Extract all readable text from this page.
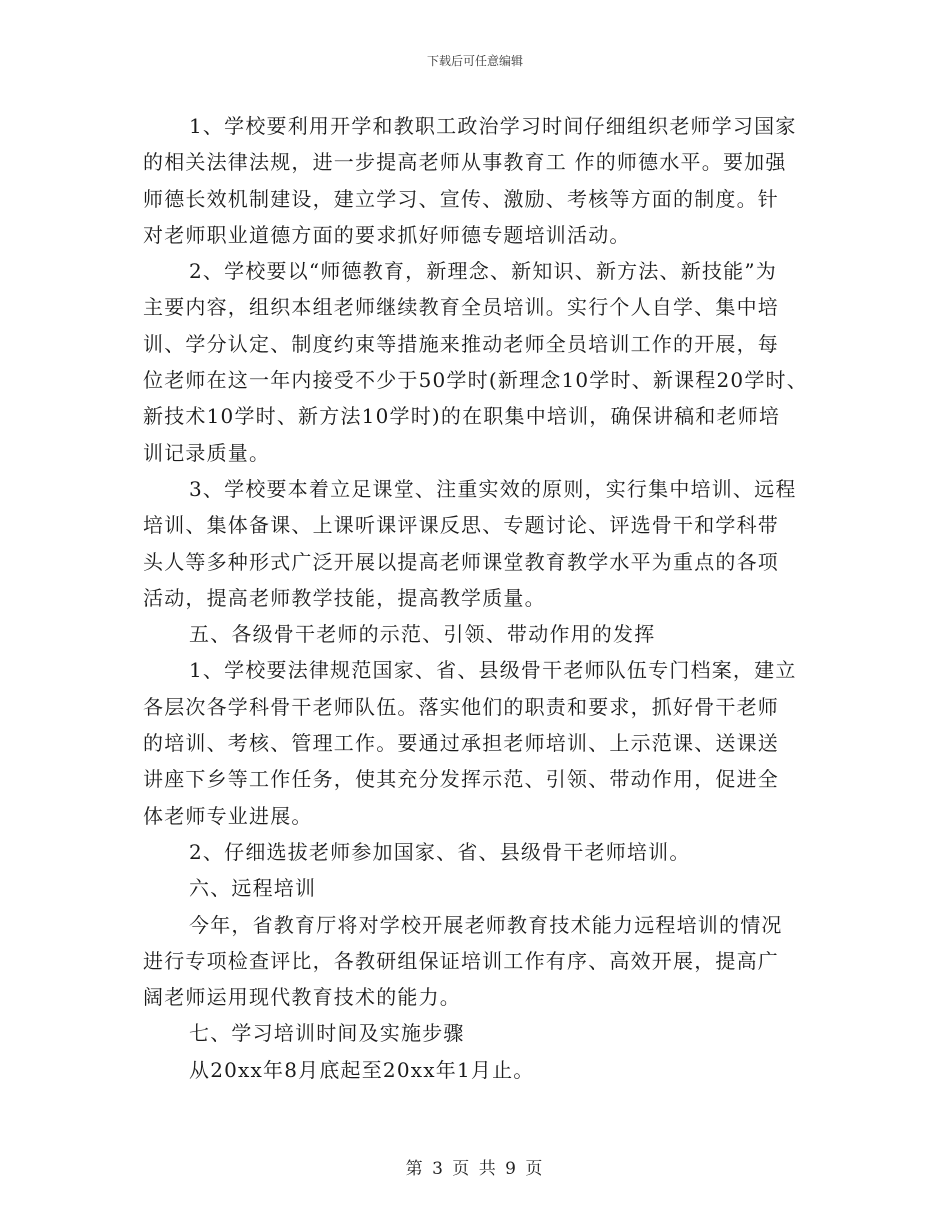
下载后可任意编辑
1、学校要利用开学和教职工政治学习时间仔细组织老师学习国家
的相关法律法规，进一步提高老师从事教育工 作的师德水平。要加强
师德长效机制建设，建立学习、宣传、激励、考核等方面的制度。针
对老师职业道德方面的要求抓好师德专题培训活动。
2、学校要以“师德教育，新理念、新知识、新方法、新技能”为
主要内容，组织本组老师继续教育全员培训。实行个人自学、集中培
训、学分认定、制度约束等措施来推动老师全员培训工作的开展，每
位老师在这一年内接受不少于50学时(新理念10学时、新课程20学时、
新技术10学时、新方法10学时)的在职集中培训，确保讲稿和老师培
训记录质量。
3、学校要本着立足课堂、注重实效的原则，实行集中培训、远程
培训、集体备课、上课听课评课反思、专题讨论、评选骨干和学科带
头人等多种形式广泛开展以提高老师课堂教育教学水平为重点的各项
活动，提高老师教学技能，提高教学质量。
五、各级骨干老师的示范、引领、带动作用的发挥
1、学校要法律规范国家、省、县级骨干老师队伍专门档案，建立
各层次各学科骨干老师队伍。落实他们的职责和要求，抓好骨干老师
的培训、考核、管理工作。要通过承担老师培训、上示范课、送课送
讲座下乡等工作任务，使其充分发挥示范、引领、带动作用，促进全
体老师专业进展。
2、仔细选拔老师参加国家、省、县级骨干老师培训。
六、远程培训
今年，省教育厅将对学校开展老师教育技术能力远程培训的情况
进行专项检查评比，各教研组保证培训工作有序、高效开展，提高广
阔老师运用现代教育技术的能力。
七、学习培训时间及实施步骤
从20xx年8月底起至20xx年1月止。
第 3 页 共 9 页
